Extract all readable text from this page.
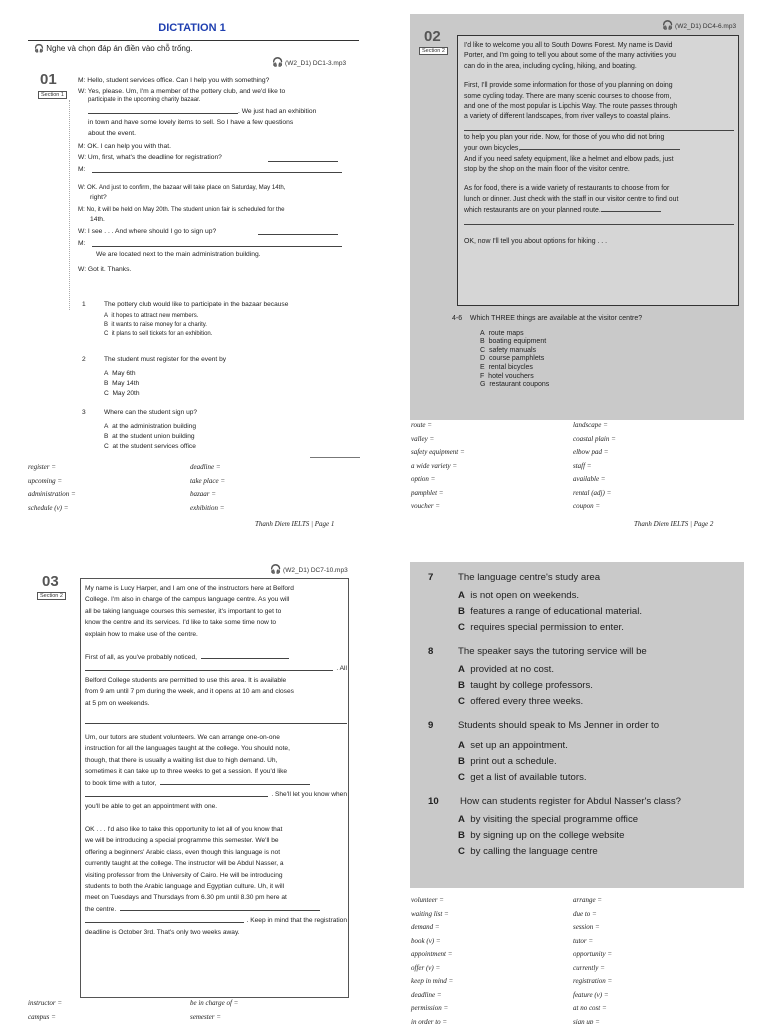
DICTATION 1
🎧 Nghe và chọn đáp án điền vào chỗ trống.
🎧 (W2_D1) DC1-3.mp3
01
Section 1
M: Hello, student services office. Can I help you with something?
W: Yes, please. Um, I'm a member of the pottery club, and we'd like to
participate in the upcoming charity bazaar.
. We just had an exhibition
in town and have some lovely items to sell. So I have a few questions
about the event.
M: OK. I can help you with that.
W: Um, first, what's the deadline for registration?
M:
W: OK. And just to confirm, the bazaar will take place on Saturday, May 14th,
right?
M: No, it will be held on May 20th. The student union fair is scheduled for the
14th.
W: I see . . . And where should I go to sign up?
M:
We are located next to the main administration building.
W: Got it. Thanks.
1	The pottery club would like to participate in the bazaar because
A it hopes to attract new members.
B it wants to raise money for a charity.
C it plans to sell tickets for an exhibition.
2	The student must register for the event by
A May 6th
B May 14th
C May 20th
3	Where can the student sign up?
A at the administration building
B at the student union building
C at the student services office
register =
upcoming =
administration =
schedule (v) =
deadline =
take place =
bazaar =
exhibition =
Thanh Diem IELTS | Page 1
🎧 (W2_D1) DC4-6.mp3
02
Section 2
I'd like to welcome you all to South Downs Forest. My name is David
Porter, and I'm going to tell you about some of the many activities you
can do in the area, including cycling, hiking, and boating.
First, I'll provide some information for those of you planning on doing
some cycling today. There are many scenic courses to choose from,
and one of the most popular is Lipchis Way. The route passes through
a variety of different landscapes, from river valleys to coastal plains.
to help you plan your ride. Now, for those of you who did not bring
your own bicycles,
And if you need safety equipment, like a helmet and elbow pads, just
stop by the shop on the main floor of the visitor centre.
As for food, there is a wide variety of restaurants to choose from for
lunch or dinner. Just check with the staff in our visitor centre to find out
which restaurants are on your planned route.
OK, now I'll tell you about options for hiking . . .
4-6    Which THREE things are available at the visitor centre?
A route maps
B boating equipment
C safety manuals
D course pamphlets
E rental bicycles
F hotel vouchers
G restaurant coupons
route =
valley =
safety equipment =
a wide variety =
option =
pamphlet =
voucher =
landscape =
coastal plain =
elbow pad =
staff =
available =
rental (adj) =
coupon =
Thanh Diem IELTS | Page 2
🎧 (W2_D1) DC7-10.mp3
03
Section 2
My name is Lucy Harper, and I am one of the instructors here at Belford
College. I'm also in charge of the campus language centre. As you will
all be taking language courses this semester, it's important to get to
know the centre and its services. I'd like to take some time now to
explain how to make use of the centre.
First of all, as you've probably noticed,
. All
Belford College students are permitted to use this area. It is available
from 9 am until 7 pm during the week, and it opens at 10 am and closes
at 5 pm on weekends.
Um, our tutors are student volunteers. We can arrange one-on-one
instruction for all the languages taught at the college. You should note,
though, that there is usually a waiting list due to high demand. Uh,
sometimes it can take up to three weeks to get a session. If you'd like
to book time with a tutor,
. She'll let you know when
you'll be able to get an appointment with one.
OK . . . I'd also like to take this opportunity to let all of you know that
we will be introducing a special programme this semester. We'll be
offering a beginners' Arabic class, even though this language is not
currently taught at the college. The instructor will be Abdul Nasser, a
visiting professor from the University of Cairo. He will be introducing
students to both the Arabic language and Egyptian culture. Uh, it will
meet on Tuesdays and Thursdays from 6.30 pm until 8.30 pm here at
the centre.
. Keep in mind that the registration
deadline is October 3rd. That's only two weeks away.
instructor =
campus =
be in charge of =
semester =
7	The language centre's study area
A is not open on weekends.
B features a range of educational material.
C requires special permission to enter.
8	The speaker says the tutoring service will be
A provided at no cost.
B taught by college professors.
C offered every three weeks.
9	Students should speak to Ms Jenner in order to
A set up an appointment.
B print out a schedule.
C get a list of available tutors.
10 How can students register for Abdul Nasser's class?
A by visiting the special programme office
B by signing up on the college website
C by calling the language centre
volunteer =
waiting list =
demand =
book (v) =
appointment =
offer (v) =
keep in mind =
deadline =
permission =
in order to =
arrange =
due to =
session =
tutor =
opportunity =
currently =
registration =
feature (v) =
at no cost =
sign up =
